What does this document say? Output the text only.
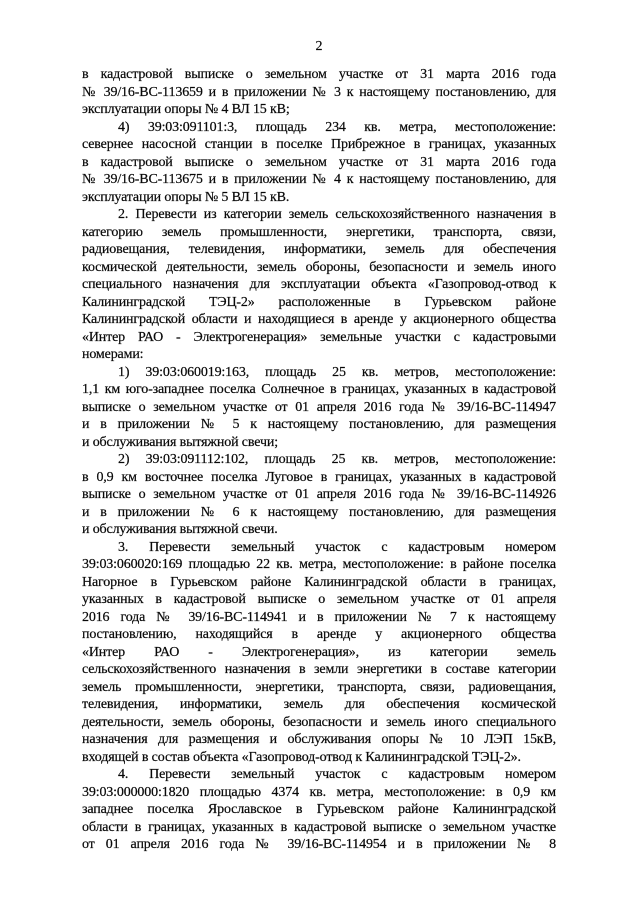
2
в кадастровой выписке о земельном участке от 31 марта 2016 года
№ 39/16-ВС-113659 и в приложении № 3 к настоящему постановлению, для
эксплуатации опоры № 4 ВЛ 15 кВ;
4) 39:03:091101:3, площадь 234 кв. метра, местоположение:
севернее насосной станции в поселке Прибрежное в границах, указанных
в кадастровой выписке о земельном участке от 31 марта 2016 года
№ 39/16-ВС-113675 и в приложении № 4 к настоящему постановлению, для
эксплуатации опоры № 5 ВЛ 15 кВ.
2. Перевести из категории земель сельскохозяйственного назначения в
категорию земель промышленности, энергетики, транспорта, связи,
радиовещания, телевидения, информатики, земель для обеспечения
космической деятельности, земель обороны, безопасности и земель иного
специального назначения для эксплуатации объекта «Газопровод-отвод к
Калининградской ТЭЦ-2» расположенные в Гурьевском районе
Калининградской области и находящиеся в аренде у акционерного общества
«Интер РАО - Электрогенерация» земельные участки с кадастровыми
номерами:
1) 39:03:060019:163, площадь 25 кв. метров, местоположение:
1,1 км юго-западнее поселка Солнечное в границах, указанных в кадастровой
выписке о земельном участке от 01 апреля 2016 года № 39/16-ВС-114947
и в приложении № 5 к настоящему постановлению, для размещения
и обслуживания вытяжной свечи;
2) 39:03:091112:102, площадь 25 кв. метров, местоположение:
в 0,9 км восточнее поселка Луговое в границах, указанных в кадастровой
выписке о земельном участке от 01 апреля 2016 года № 39/16-ВС-114926
и в приложении № 6 к настоящему постановлению, для размещения
и обслуживания вытяжной свечи.
3. Перевести земельный участок с кадастровым номером
39:03:060020:169 площадью 22 кв. метра, местоположение: в районе поселка
Нагорное в Гурьевском районе Калининградской области в границах,
указанных в кадастровой выписке о земельном участке от 01 апреля
2016 года № 39/16-ВС-114941 и в приложении № 7 к настоящему
постановлению, находящийся в аренде у акционерного общества
«Интер РАО - Электрогенерация», из категории земель
сельскохозяйственного назначения в земли энергетики в составе категории
земель промышленности, энергетики, транспорта, связи, радиовещания,
телевидения, информатики, земель для обеспечения космической
деятельности, земель обороны, безопасности и земель иного специального
назначения для размещения и обслуживания опоры № 10 ЛЭП 15кВ,
входящей в состав объекта «Газопровод-отвод к Калининградской ТЭЦ-2».
4. Перевести земельный участок с кадастровым номером
39:03:000000:1820 площадью 4374 кв. метра, местоположение: в 0,9 км
западнее поселка Ярославское в Гурьевском районе Калининградской
области в границах, указанных в кадастровой выписке о земельном участке
от 01 апреля 2016 года № 39/16-ВС-114954 и в приложении № 8
